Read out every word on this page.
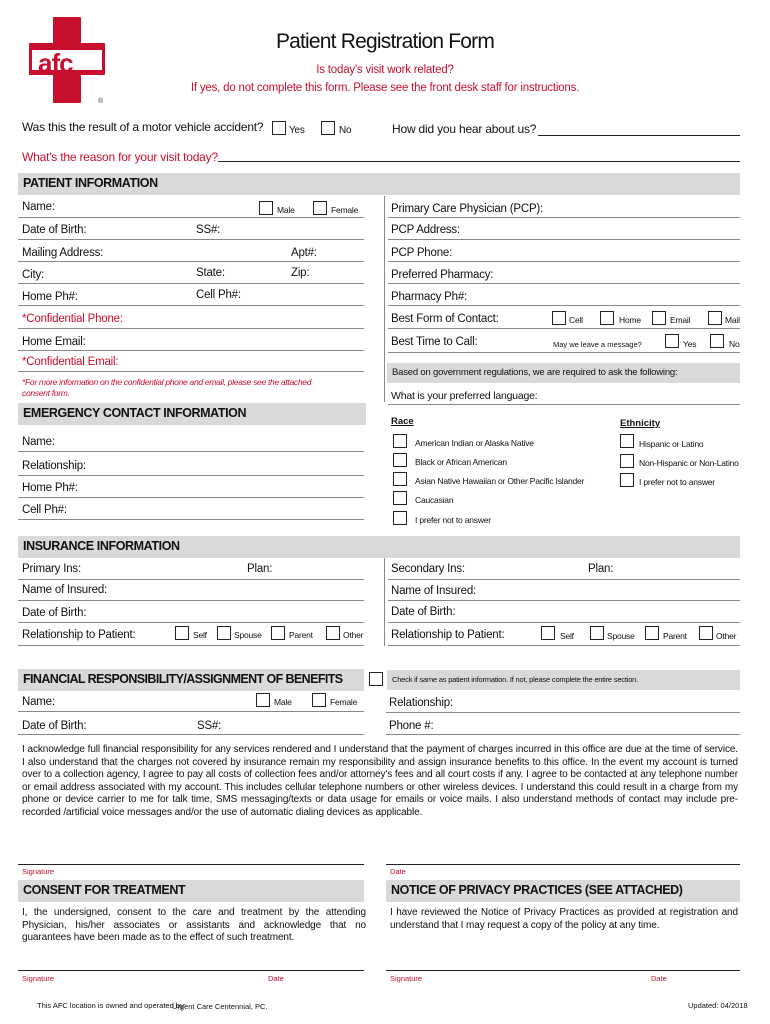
afc
®
Patient Registration Form
Is today's visit work related?
If yes, do not complete this form. Please see the front desk staff for instructions.
Was this the result of a motor vehicle accident?	Yes	No	How did you hear about us?
What's the reason for your visit today?
PATIENT INFORMATION
Name:	Male	Female	Primary Care Physician (PCP):
Date of Birth:	SS#:	PCP Address:
Mailing Address:	Apt#:	PCP Phone:
City:	State:	Zip:	Preferred Pharmacy:
Home Ph#:	Cell Ph#:	Pharmacy Ph#:
*Confidential Phone:	Best Form of Contact:	Cell	Home	Email	Mail
Home Email:	Best Time to Call:	May we leave a message?	Yes	No
*Confidential Email:
*For more information on the confidential phone and email, please see the attached
consent form.
Based on government regulations, we are required to ask the following:
What is your preferred language:
Race	Ethnicity
American Indian or Alaska Native
Black or African American
Asian Native Hawaiian or Other Pacific Islander
Caucasian
I prefer not to answer
Hispanic or Latino
Non-Hispanic or Non-Latino
I prefer not to answer
EMERGENCY CONTACT INFORMATION
Name:
Relationship:
Home Ph#:
Cell Ph#:
INSURANCE INFORMATION
Primary Ins:	Plan:	Secondary Ins:	Plan:
Name of Insured:	Name of Insured:
Date of Birth:	Date of Birth:
Relationship to Patient:	Self	Spouse	Parent	Other Relationship to Patient:	Self	Spouse	Parent	Other
FINANCIAL RESPONSIBILITY/ASSIGNMENT OF BENEFITS	Check if same as patient information. If not, please complete the entire section.
Name:	Male	Female	Relationship:
Date of Birth:	SS#:	Phone #:
I acknowledge full financial responsibility for any services rendered and I understand that the payment of charges incurred in this office are due at the time of service. I also understand that the charges not covered by insurance remain my responsibility and assign insurance benefits to this office. In the event my account is turned over to a collection agency, I agree to pay all costs of collection fees and/or attorney's fees and all court costs if any. I agree to be contacted at any telephone number or email address associated with my account. This includes cellular telephone numbers or other wireless devices. I understand this could result in a charge from my phone or device carrier to me for talk time, SMS messaging/texts or data usage for emails or voice mails. I also understand methods of contact may include pre-recorded /artificial voice messages and/or the use of automatic dialing devices as applicable.
Signature	Date
CONSENT FOR TREATMENT
I, the undersigned, consent to the care and treatment by the attending Physician, his/her associates or assistants and acknowledge that no guarantees have been made as to the effect of such treatment.
Signature	Date
NOTICE OF PRIVACY PRACTICES (SEE ATTACHED)
I have reviewed the Notice of Privacy Practices as provided at registration and understand that I may request a copy of the policy at any time.
Signature	Date
This AFC location is owned and operated by:
Urgent Care Centennial, PC.	Updated: 04/2018
